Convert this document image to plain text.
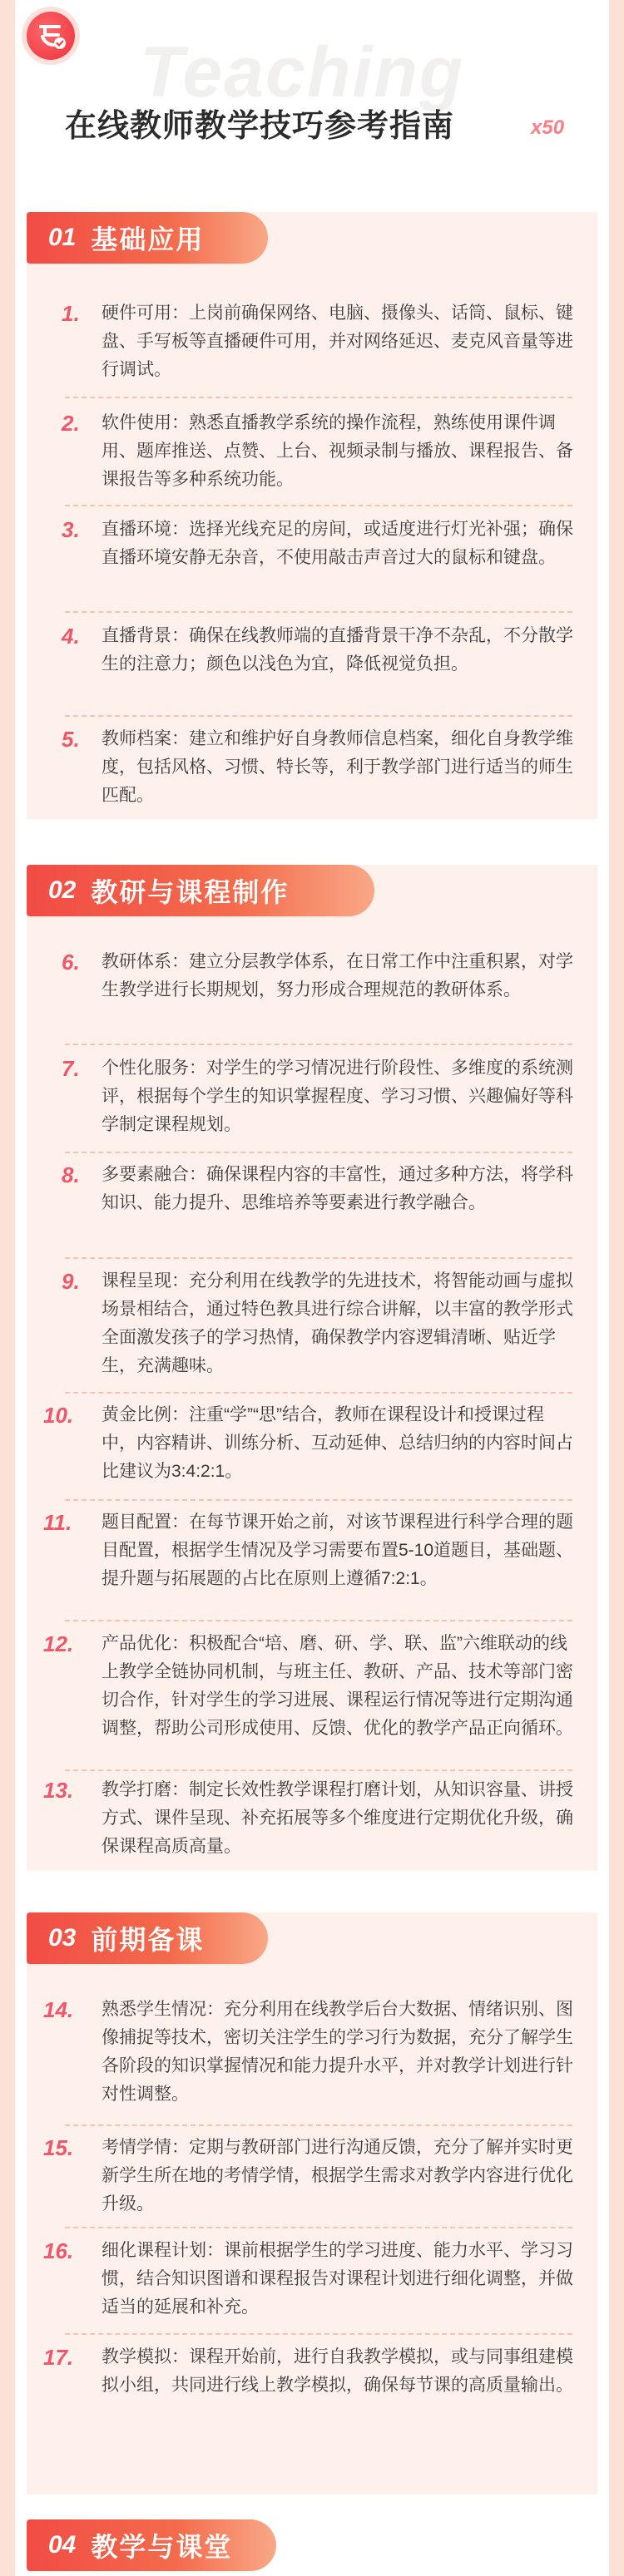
Teaching
在线教师教学技巧参考指南	x50
01 基础应用
1.	硬件可用：上岗前确保网络、电脑、摄像头、话筒、鼠标、键盘、手写板等直播硬件可用，并对网络延迟、麦克风音量等进行调试。
2.	软件使用：熟悉直播教学系统的操作流程，熟练使用课件调用、题库推送、点赞、上台、视频录制与播放、课程报告、备课报告等多种系统功能。
3.	直播环境：选择光线充足的房间，或适度进行灯光补强；确保直播环境安静无杂音，不使用敲击声音过大的鼠标和键盘。
4.	直播背景：确保在线教师端的直播背景干净不杂乱，不分散学生的注意力；颜色以浅色为宜，降低视觉负担。
5.	教师档案：建立和维护好自身教师信息档案，细化自身教学维度，包括风格、习惯、特长等，利于教学部门进行适当的师生匹配。
02 教研与课程制作
6.	教研体系：建立分层教学体系，在日常工作中注重积累，对学生教学进行长期规划，努力形成合理规范的教研体系。
7.	个性化服务：对学生的学习情况进行阶段性、多维度的系统测评，根据每个学生的知识掌握程度、学习习惯、兴趣偏好等科学制定课程规划。
8.	多要素融合：确保课程内容的丰富性，通过多种方法，将学科知识、能力提升、思维培养等要素进行教学融合。
9.	课程呈现：充分利用在线教学的先进技术，将智能动画与虚拟场景相结合，通过特色教具进行综合讲解，以丰富的教学形式全面激发孩子的学习热情，确保教学内容逻辑清晰、贴近学生，充满趣味。
10.	黄金比例：注重“学”“思”结合，教师在课程设计和授课过程中，内容精讲、训练分析、互动延伸、总结归纳的内容时间占比建议为3:4:2:1。
11.	题目配置：在每节课开始之前，对该节课程进行科学合理的题目配置，根据学生情况及学习需要布置5-10道题目，基础题、提升题与拓展题的占比在原则上遵循7:2:1。
12.	产品优化：积极配合“培、磨、研、学、联、监”六维联动的线上教学全链协同机制，与班主任、教研、产品、技术等部门密切合作，针对学生的学习进展、课程运行情况等进行定期沟通调整，帮助公司形成使用、反馈、优化的教学产品正向循环。
13.	教学打磨：制定长效性教学课程打磨计划，从知识容量、讲授方式、课件呈现、补充拓展等多个维度进行定期优化升级，确保课程高质高量。
03 前期备课
14.	熟悉学生情况：充分利用在线教学后台大数据、情绪识别、图像捕捉等技术，密切关注学生的学习行为数据，充分了解学生各阶段的知识掌握情况和能力提升水平，并对教学计划进行针对性调整。
15.	考情学情：定期与教研部门进行沟通反馈，充分了解并实时更新学生所在地的考情学情，根据学生需求对教学内容进行优化升级。
16.	细化课程计划：课前根据学生的学习进度、能力水平、学习习惯，结合知识图谱和课程报告对课程计划进行细化调整，并做适当的延展和补充。
17.	教学模拟：课程开始前，进行自我教学模拟，或与同事组建模拟小组，共同进行线上教学模拟，确保每节课的高质量输出。
04 教学与课堂
